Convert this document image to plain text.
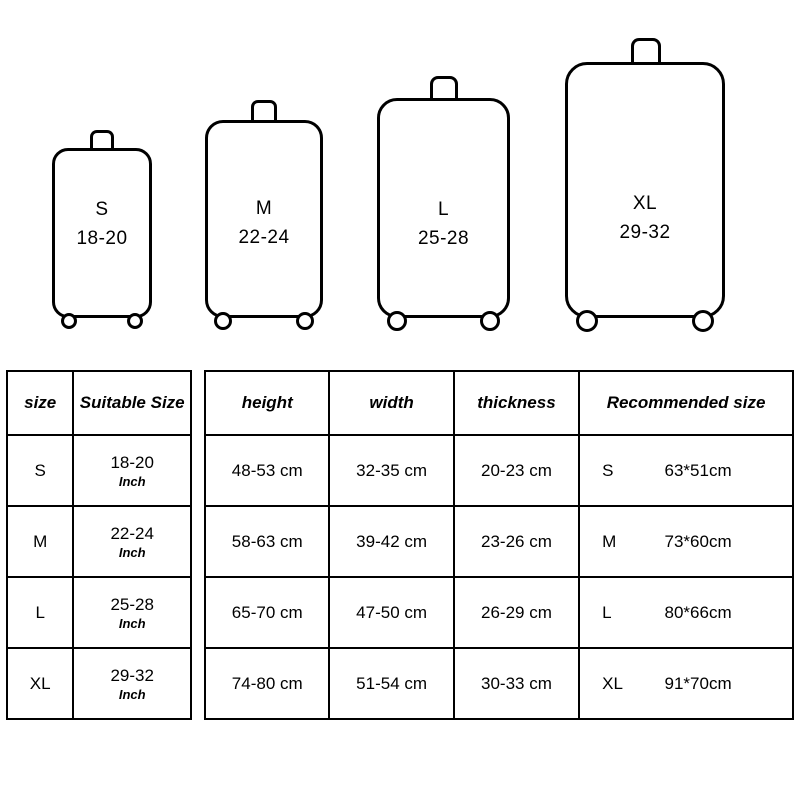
S
18-20
M
22-24
L
25-28
XL
29-32
size	Suitable Size
S	18-20
Inch

M	22-24
Inch

L	25-28
Inch

XL	29-32
Inch
height	width	thickness	Recommended size
48-53 cm	32-35 cm	20-23 cm	S 63*51cm
58-63 cm	39-42 cm	23-26 cm	M 73*60cm
65-70 cm	47-50 cm	26-29 cm	L 80*66cm
74-80 cm	51-54 cm	30-33 cm	XL 91*70cm
